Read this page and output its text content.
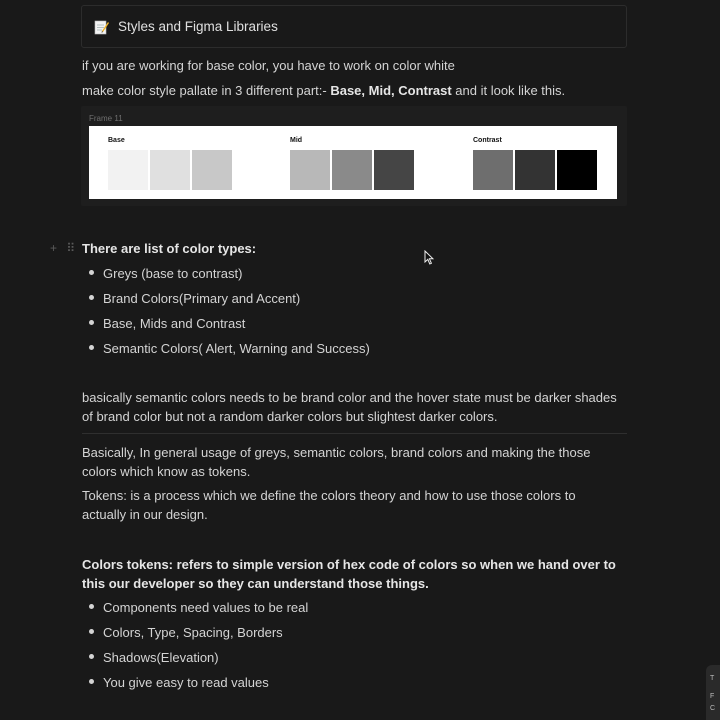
Styles and Figma Libraries
if you are working for base color, you have to work on color white
make color style pallate in 3 different part:- Base, Mid, Contrast and it look like this.
Frame 11
Base	Mid	Contrast
+ ⠿ There are list of color types:
Greys (base to contrast)
Brand Colors(Primary and Accent)
Base, Mids and Contrast
Semantic Colors( Alert, Warning and Success)
basically semantic colors needs to be brand color and the hover state must be darker shades of brand color but not a random darker colors but slightest darker colors.
Basically, In general usage of greys, semantic colors, brand colors and making the those colors which know as tokens.
Tokens: is a process which we define the colors theory and how to use those colors to actually in our design.
Colors tokens: refers to simple version of hex code of colors so when we hand over to this our developer so they can understand those things.
Components need values to be real
Colors, Type, Spacing, Borders
Shadows(Elevation)
You give easy to read values	T
F
C
